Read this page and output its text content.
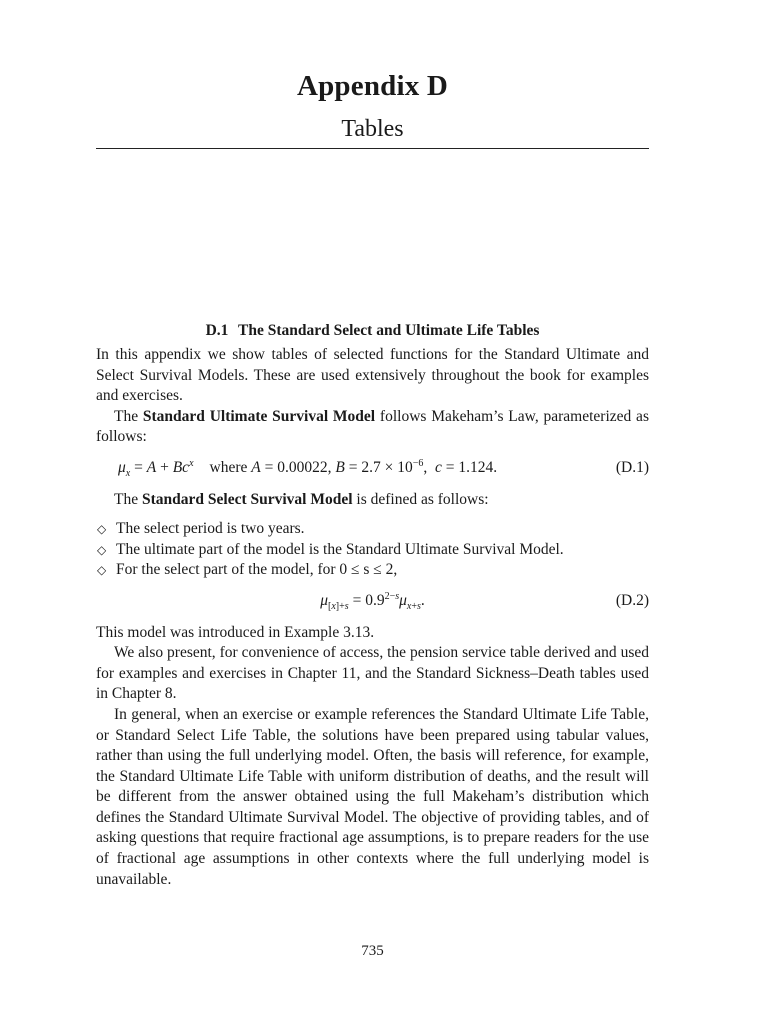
Appendix D
Tables
D.1 The Standard Select and Ultimate Life Tables

In this appendix we show tables of selected functions for the Standard Ultimate and Select Survival Models. These are used extensively throughout the book for examples and exercises.

The Standard Ultimate Survival Model follows Makeham’s Law, parameterized as follows:

$\mu_x = A + Bc^x$ where A = 0.00022, $B = 2.7 \times 10^{-6}$,  c = 1.124.	(D.1)

The Standard Select Survival Model is defined as follows:

◇ The select period is two years.
◇ The ultimate part of the model is the Standard Ultimate Survival Model.
◇ For the select part of the model, for 0 ≤ s ≤ 2,
$\mu_{[x]+s} = 0.9^{2-s}\mu_{x+s}$.	(D.2)

This model was introduced in Example 3.13.

We also present, for convenience of access, the pension service table derived and used for examples and exercises in Chapter 11, and the Standard Sickness–Death tables used in Chapter 8.

In general, when an exercise or example references the Standard Ultimate Life Table, or Standard Select Life Table, the solutions have been prepared using tabular values, rather than using the full underlying model. Often, the basis will reference, for example, the Standard Ultimate Life Table with uniform distribution of deaths, and the result will be different from the answer obtained using the full Makeham’s distribution which defines the Standard Ultimate Survival Model. The objective of providing tables, and of asking questions that require fractional age assumptions, is to prepare readers for the use of fractional age assumptions in other contexts where the full underlying model is unavailable.

735
